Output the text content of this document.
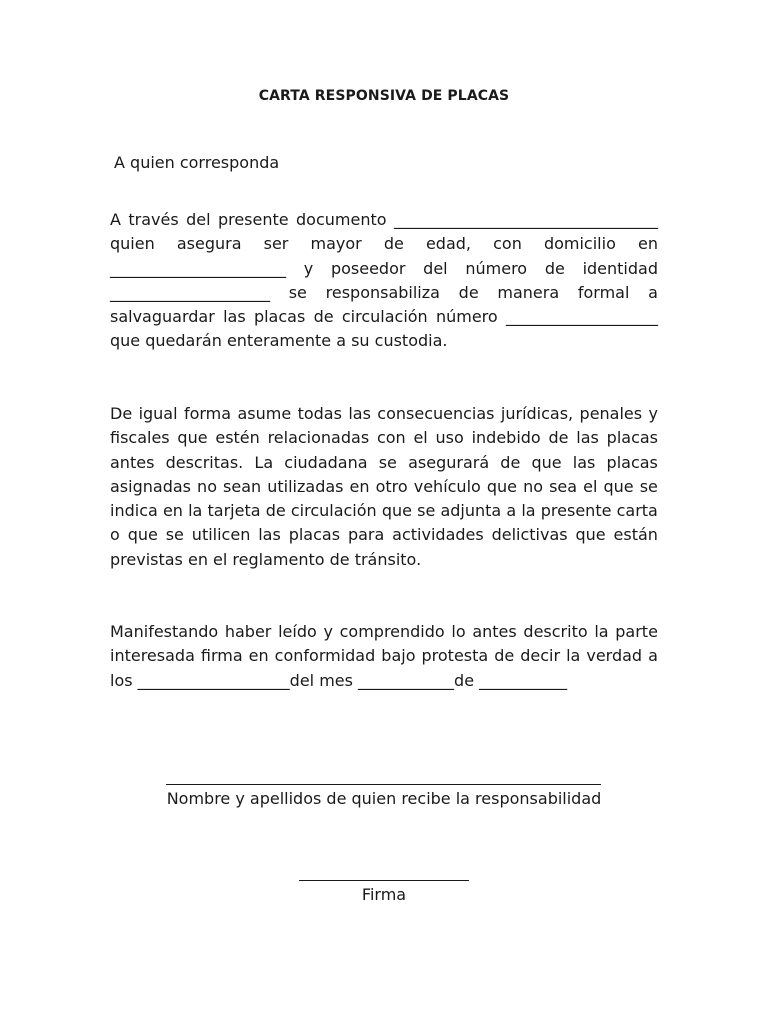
CARTA RESPONSIVA DE PLACAS
A quien corresponda
A través del presente documento _________________________________
quien asegura ser mayor de edad, con domicilio en
______________________ y poseedor del número de identidad
____________________ se responsabiliza de manera formal a
salvaguardar las placas de circulación número ___________________
que quedarán enteramente a su custodia.
De igual forma asume todas las consecuencias jurídicas, penales y
fiscales que estén relacionadas con el uso indebido de las placas
antes descritas. La ciudadana se asegurará de que las placas
asignadas no sean utilizadas en otro vehículo que no sea el que se
indica en la tarjeta de circulación que se adjunta a la presente carta
o que se utilicen las placas para actividades delictivas que están
previstas en el reglamento de tránsito.
Manifestando haber leído y comprendido lo antes descrito la parte
interesada firma en conformidad bajo protesta de decir la verdad a
los ___________________del mes ____________de ___________
Nombre y apellidos de quien recibe la responsabilidad
Firma
